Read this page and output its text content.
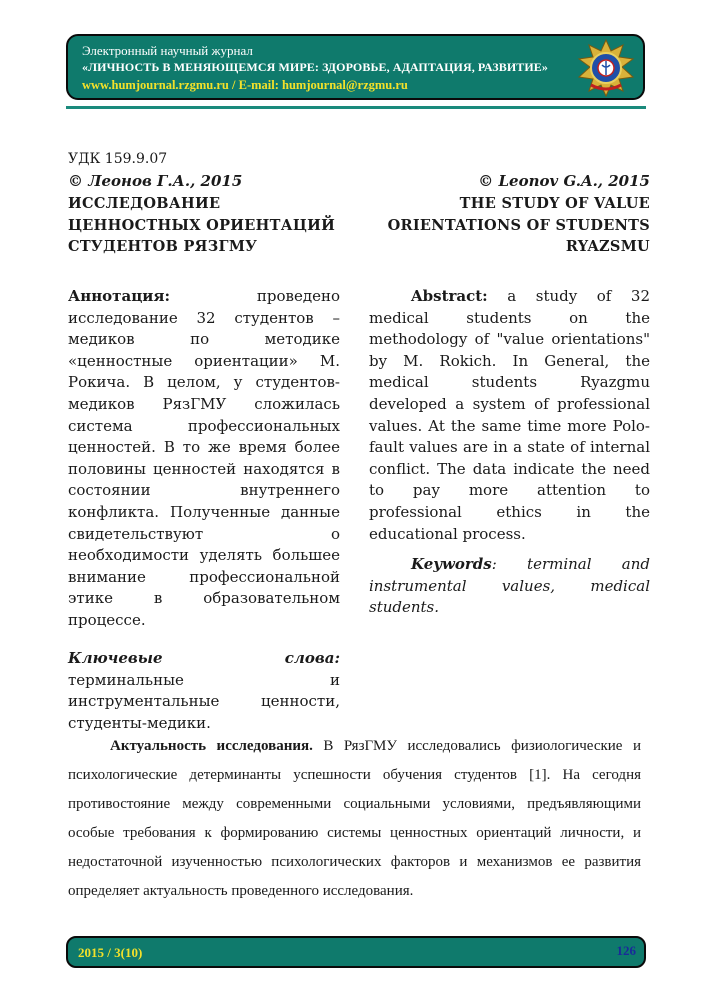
Электронный научный журнал
«ЛИЧНОСТЬ В МЕНЯЮЩЕМСЯ МИРЕ: ЗДОРОВЬЕ, АДАПТАЦИЯ, РАЗВИТИЕ»
www.humjournal.rzgmu.ru / E-mail: humjournal@rzgmu.ru
УДК 159.9.07
© Леонов Г.А., 2015
ИССЛЕДОВАНИЕ ЦЕННОСТНЫХ ОРИЕНТАЦИЙ СТУДЕНТОВ РЯЗГМУ
© Leonov G.A., 2015
THE STUDY OF VALUE ORIENTATIONS OF STUDENTS RYAZSMU
Аннотация: проведено исследование 32 студентов – медиков по методике «ценностные ориентации» М. Рокича. В целом, у студентов-медиков РязГМУ сложилась система профессиональных ценностей. В то же время более половины ценностей находятся в состоянии внутреннего конфликта. Полученные данные свидетельствуют о необходимости уделять большее внимание профессиональной этике в образовательном процессе.
Ключевые слова: терминальные и инструментальные ценности, студенты-медики.
Abstract: a study of 32 medical students on the methodology of "value orientations" by M. Rokich. In General, the medical students Ryazgmu developed a system of professional values. At the same time more Polo-fault values are in a state of internal conflict. The data indicate the need to pay more attention to professional ethics in the educational process.
Keywords: terminal and instrumental values, medical students.
Актуальность исследования. В РязГМУ исследовались физиологические и психологические детерминанты успешности обучения студентов [1]. На сегодня противостояние между современными социальными условиями, предъявляющими особые требования к формированию системы ценностных ориентаций личности, и недостаточной изученностью психологических факторов и механизмов ее развития определяет актуальность проведенного исследования.
2015 / 3(10)	126
